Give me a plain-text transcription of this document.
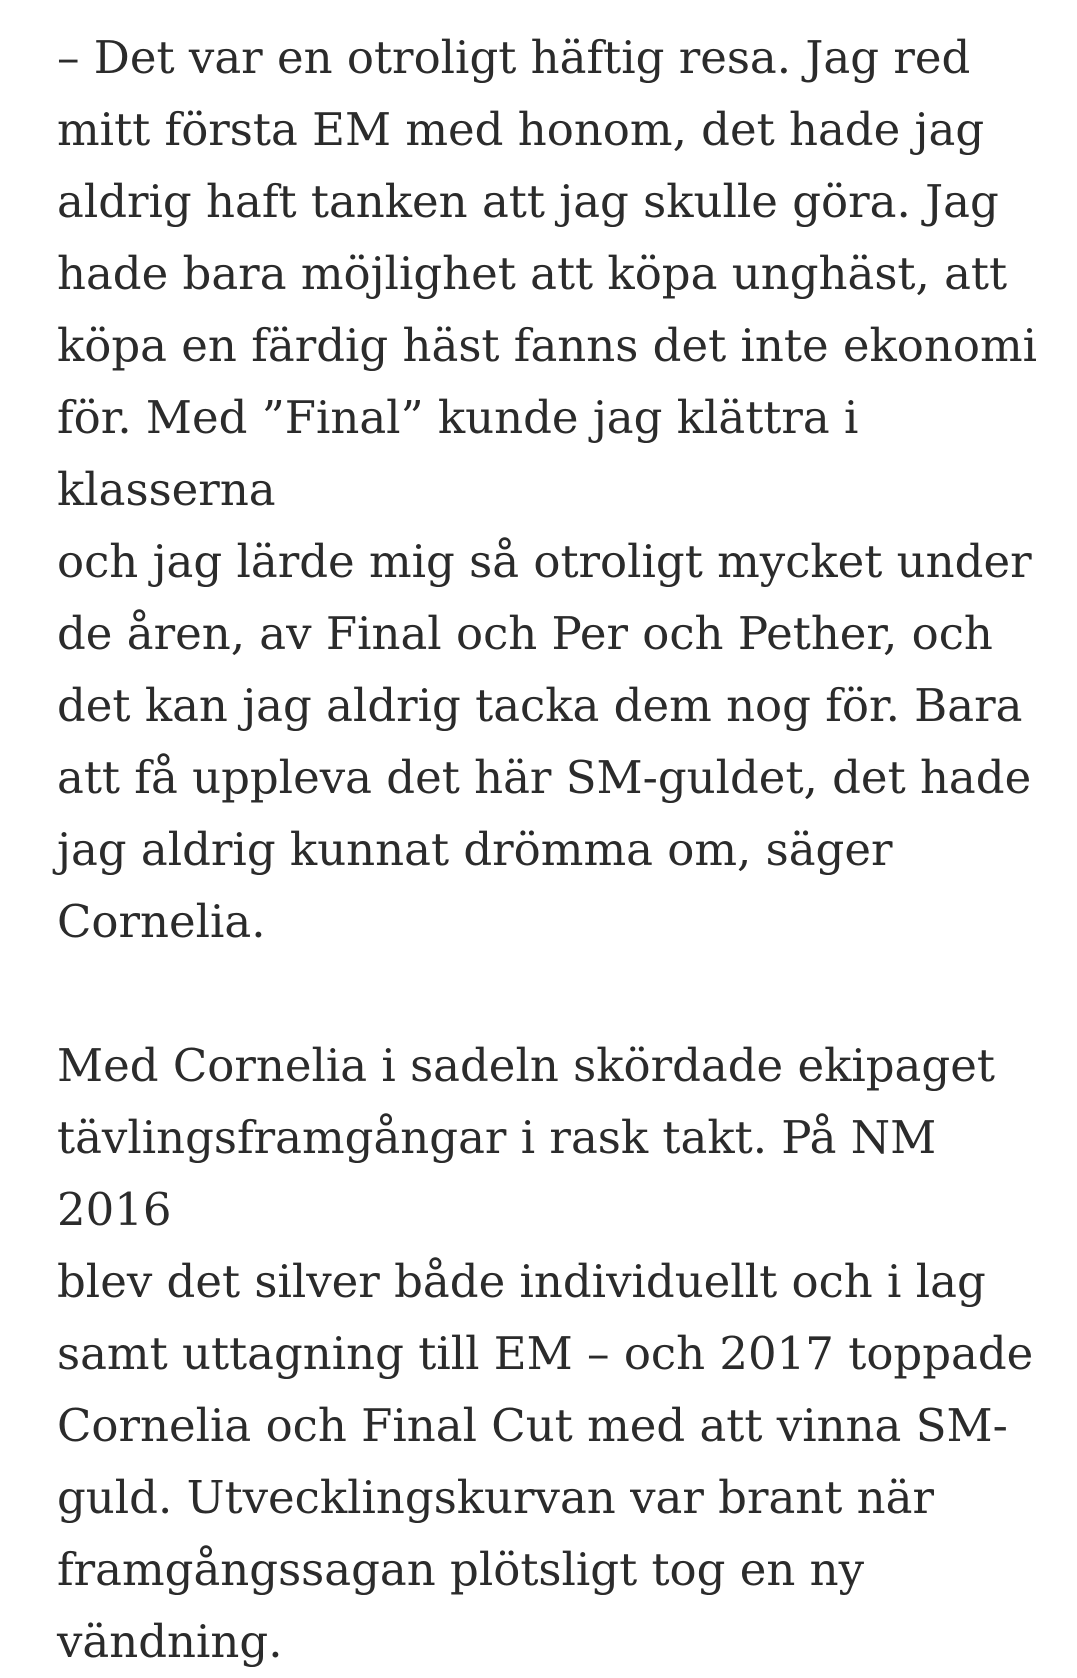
– Det var en otroligt häftig resa. Jag red
mitt första EM med honom, det hade jag
aldrig haft tanken att jag skulle göra. Jag
hade bara möjlighet att köpa unghäst, att
köpa en färdig häst fanns det inte ekonomi
för. Med ”Final” kunde jag klättra i klasserna
och jag lärde mig så otroligt mycket under
de åren, av Final och Per och Pether, och
det kan jag aldrig tacka dem nog för. Bara
att få uppleva det här SM-guldet, det hade
jag aldrig kunnat drömma om, säger
Cornelia.

Med Cornelia i sadeln skördade ekipaget
tävlingsframgångar i rask takt. På NM 2016
blev det silver både individuellt och i lag
samt uttagning till EM – och 2017 toppade
Cornelia och Final Cut med att vinna SM-
guld. Utvecklingskurvan var brant när
framgångssagan plötsligt tog en ny
vändning.
